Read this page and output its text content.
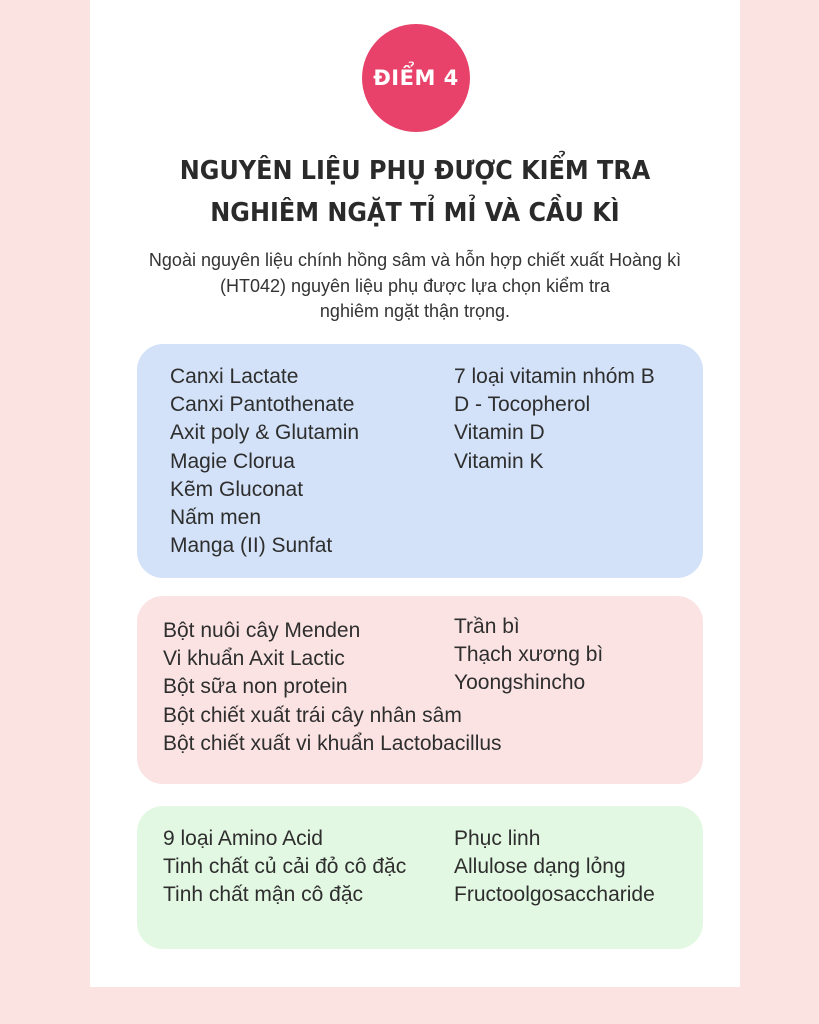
ĐIỂM 4
NGUYÊN LIỆU PHỤ ĐƯỢC KIỂM TRA
NGHIÊM NGẶT TỈ MỈ VÀ CẦU KÌ
Ngoài nguyên liệu chính hồng sâm và hỗn hợp chiết xuất Hoàng kì
(HT042) nguyên liệu phụ được lựa chọn kiểm tra
nghiêm ngặt thận trọng.
Canxi Lactate
Canxi Pantothenate
Axit poly & Glutamin
Magie Clorua
Kẽm Gluconat
Nấm men
Manga (II) Sunfat
7 loại vitamin nhóm B
D - Tocopherol
Vitamin D
Vitamin K
Bột nuôi cây Menden
Vi khuẩn Axit Lactic
Bột sữa non protein
Bột chiết xuất trái cây nhân sâm
Bột chiết xuất vi khuẩn Lactobacillus
Trần bì
Thạch xương bì
Yoongshincho
9 loại Amino Acid
Tinh chất củ cải đỏ cô đặc
Tinh chất mận cô đặc
Phục linh
Allulose dạng lỏng
Fructoolgosaccharide
